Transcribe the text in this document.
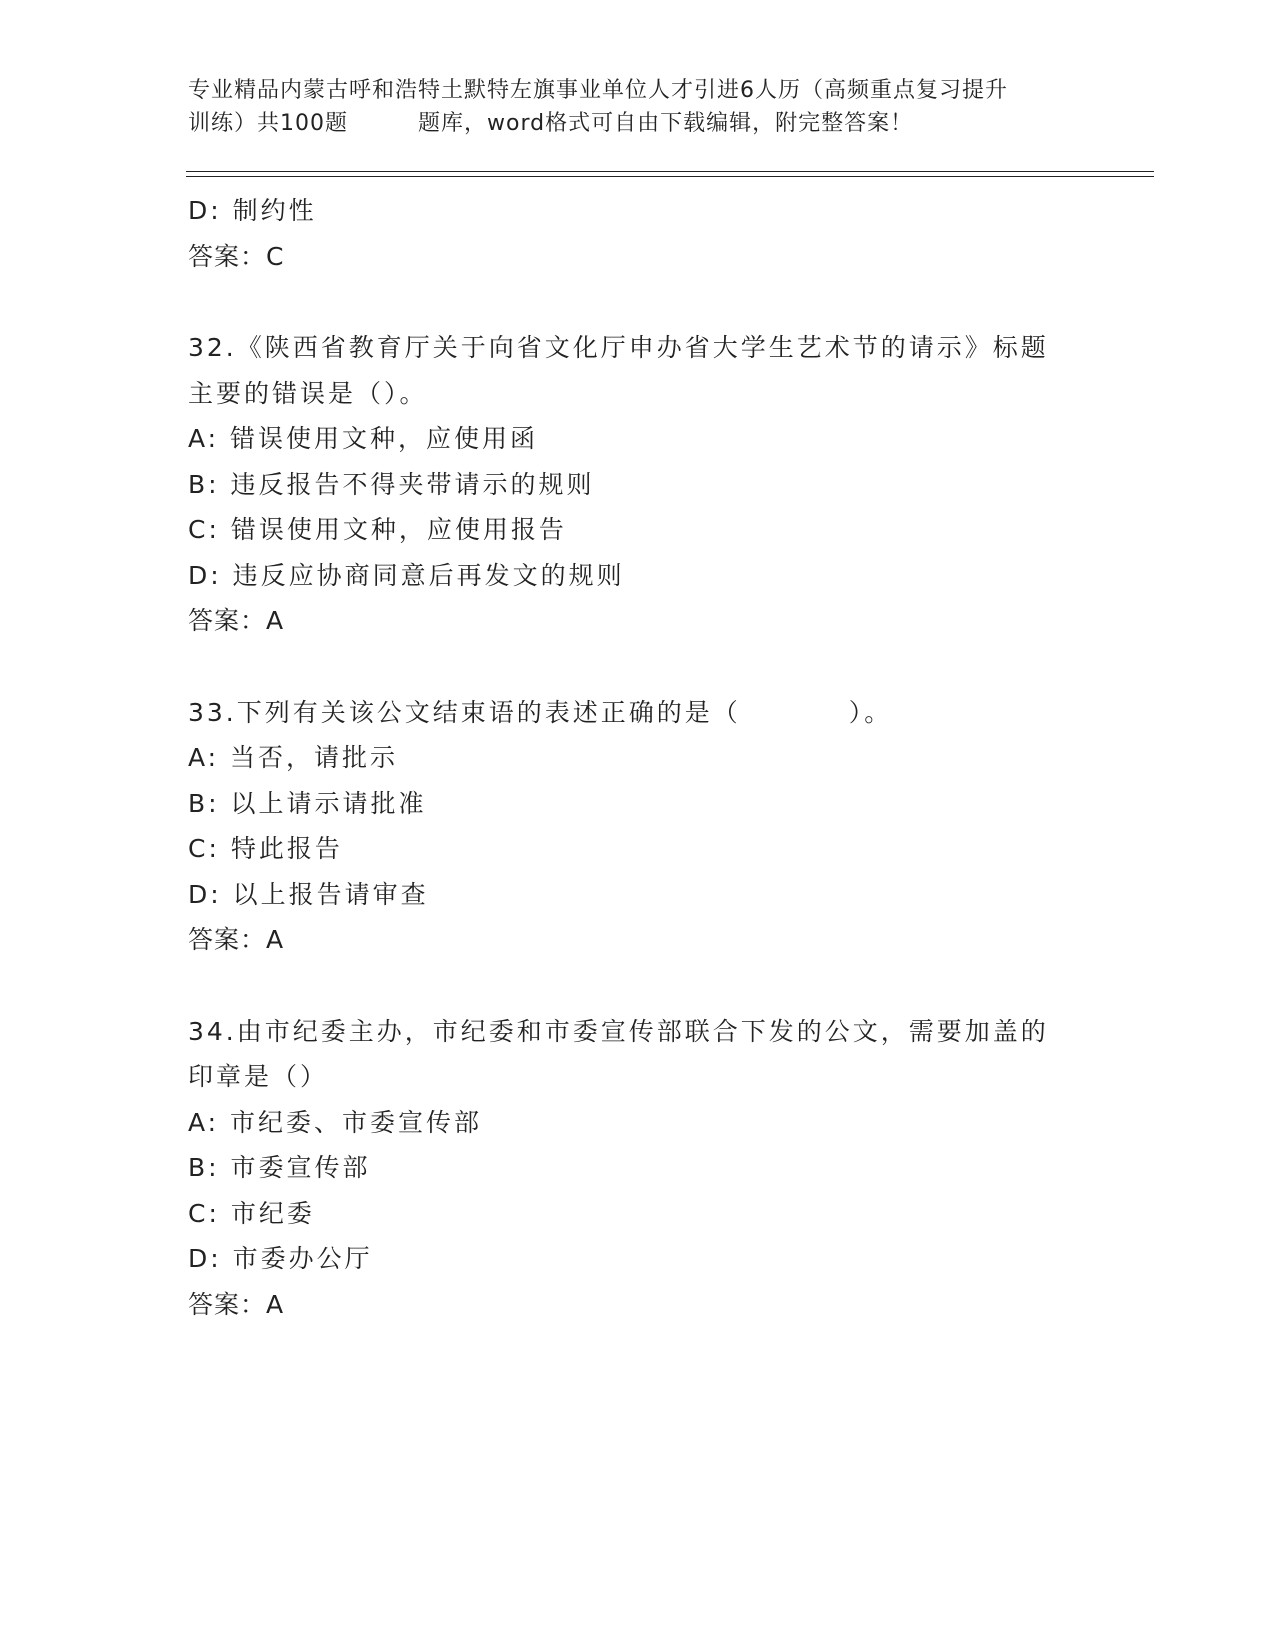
专业精品内蒙古呼和浩特土默特左旗事业单位人才引进6人历（高频重点复习提升
训练）共100题	题库，word格式可自由下载编辑，附完整答案！
D: 制约性
答案：C
32.《陕西省教育厅关于向省文化厅申办省大学生艺术节的请示》标题
主要的错误是（）。
A: 错误使用文种，应使用函
B: 违反报告不得夹带请示的规则
C: 错误使用文种，应使用报告
D: 违反应协商同意后再发文的规则
答案：A
33.下列有关该公文结束语的表述正确的是（	）。
A: 当否，请批示
B: 以上请示请批准
C: 特此报告
D: 以上报告请审查
答案：A
34.由市纪委主办，市纪委和市委宣传部联合下发的公文，需要加盖的
印章是（）
A: 市纪委、市委宣传部
B: 市委宣传部
C: 市纪委
D: 市委办公厅
答案：A
